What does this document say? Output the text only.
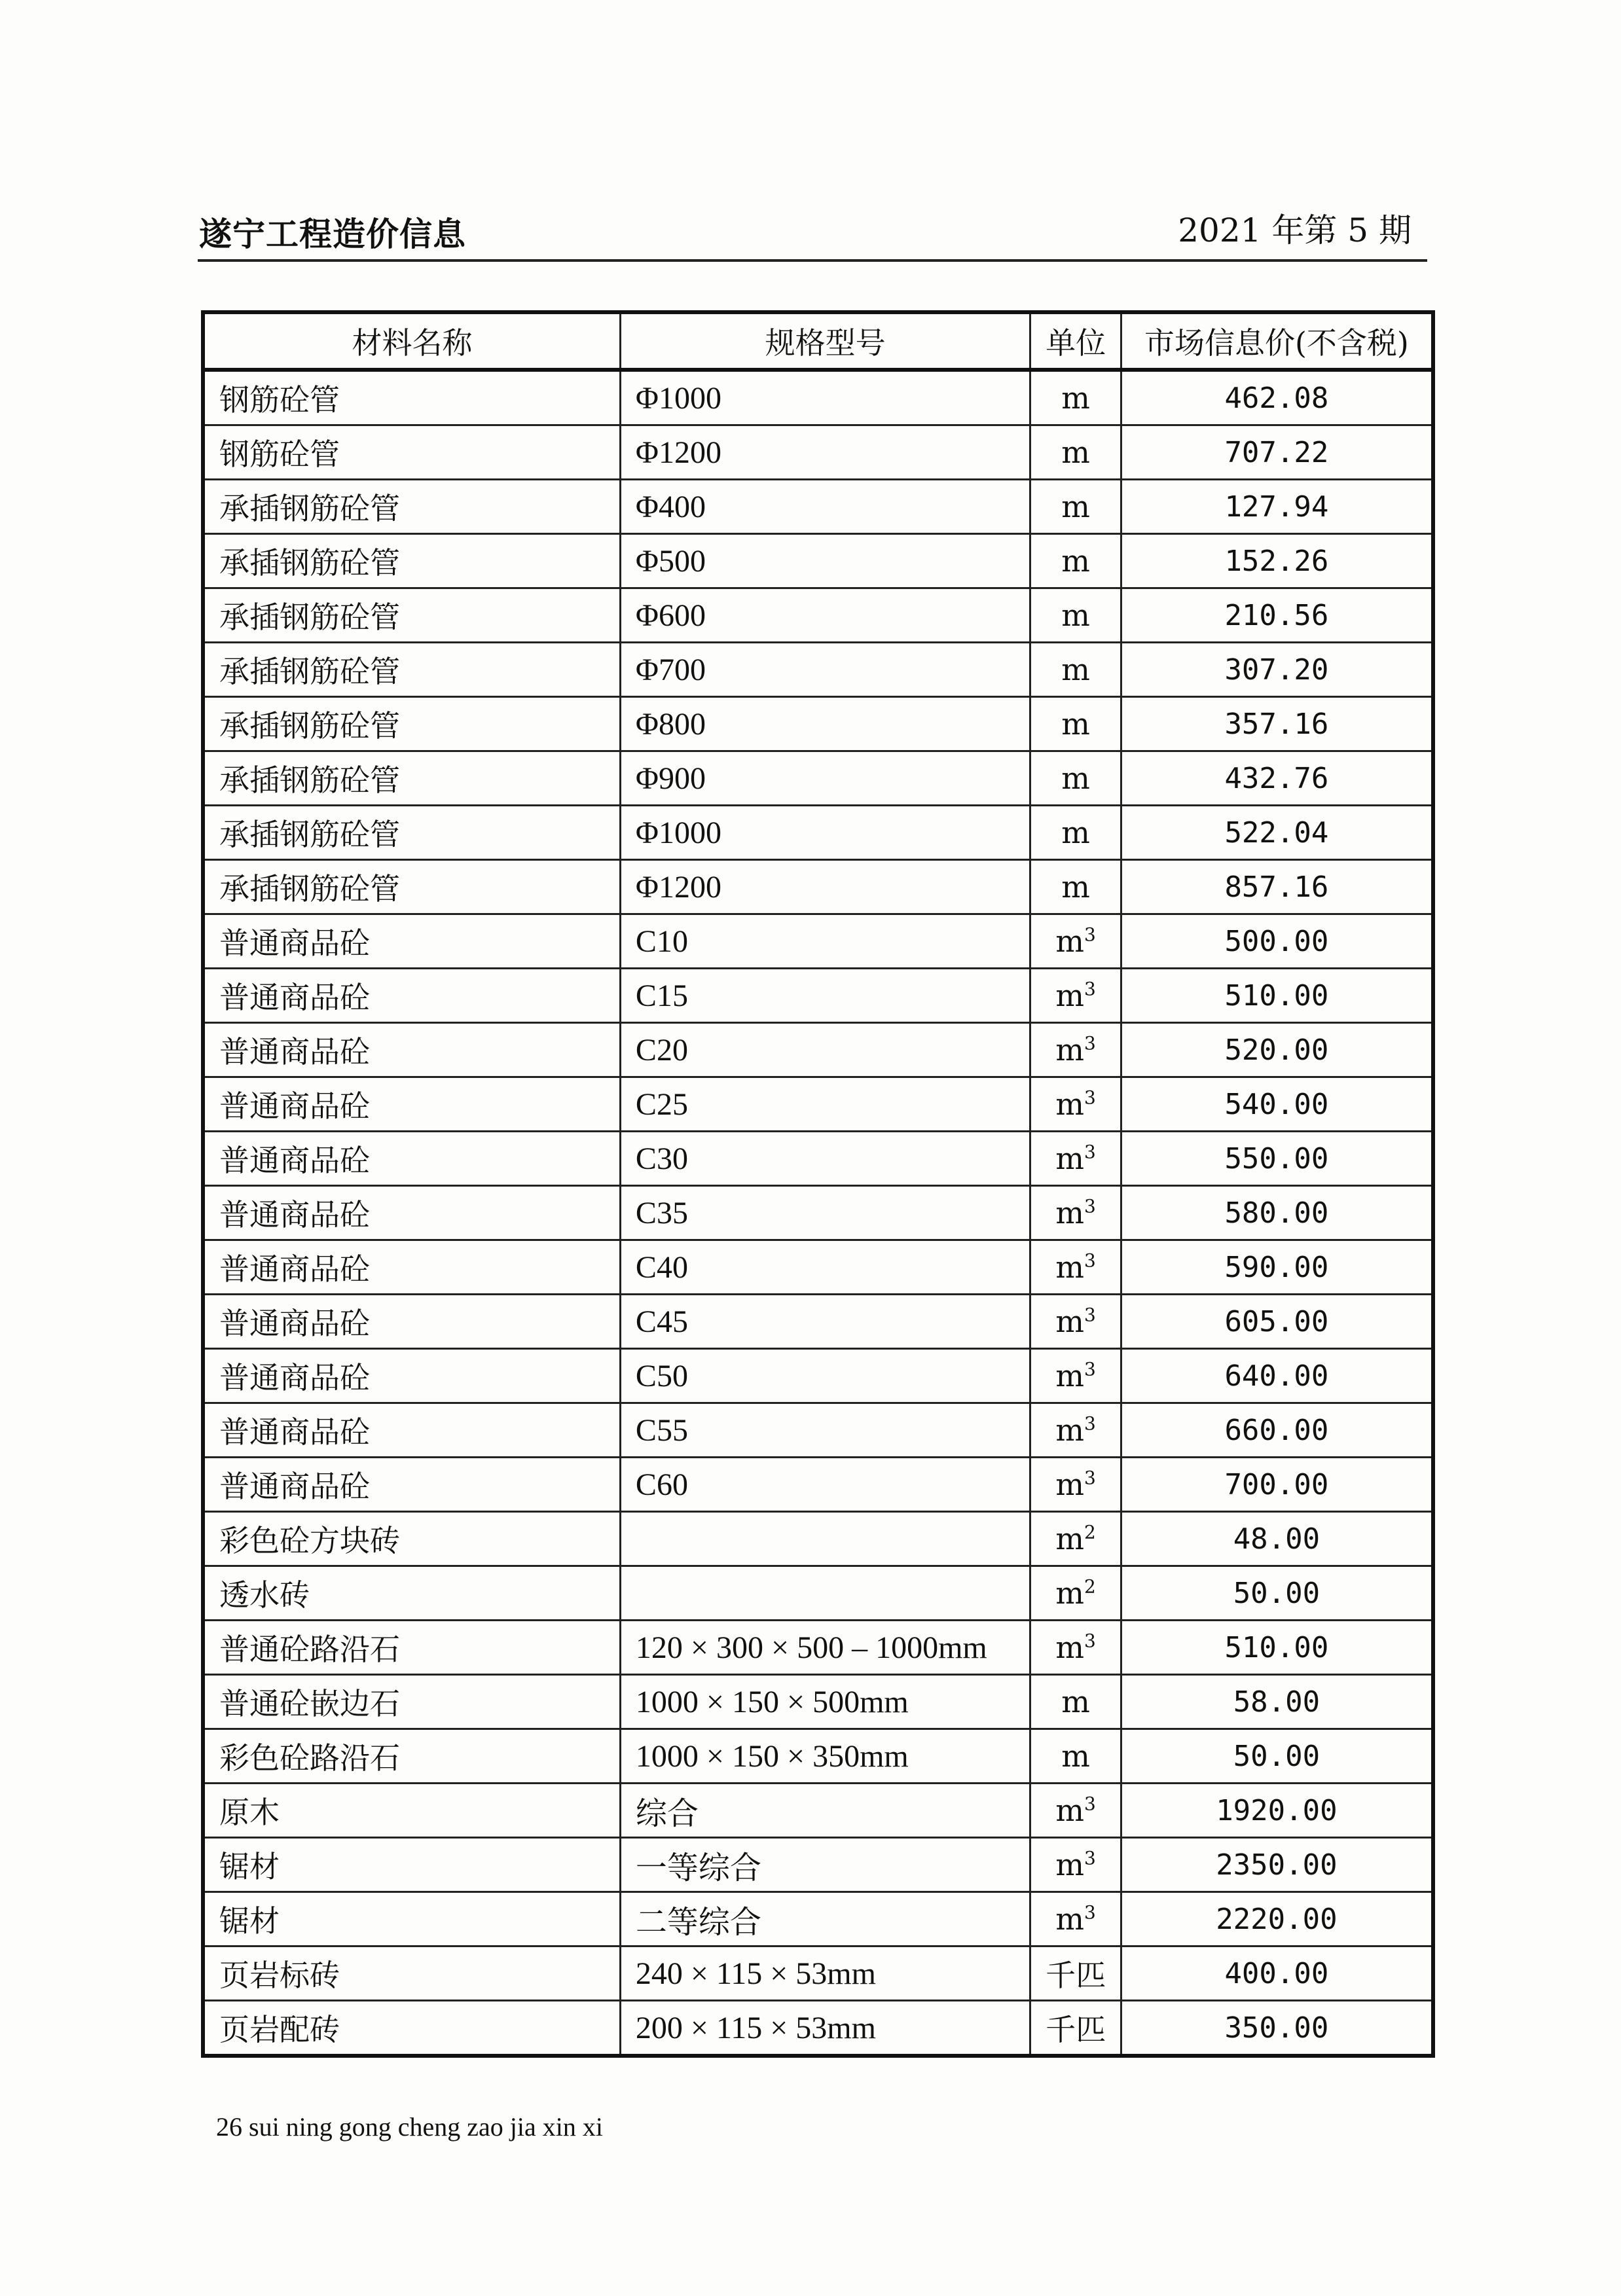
遂宁工程造价信息	2021 年第 5 期
材料名称	规格型号	单位	市场信息价(不含税)
钢筋砼管	Φ1000	m	462.08
钢筋砼管	Φ1200	m	707.22
承插钢筋砼管	Φ400	m	127.94
承插钢筋砼管	Φ500	m	152.26
承插钢筋砼管	Φ600	m	210.56
承插钢筋砼管	Φ700	m	307.20
承插钢筋砼管	Φ800	m	357.16
承插钢筋砼管	Φ900	m	432.76
承插钢筋砼管	Φ1000	m	522.04
承插钢筋砼管	Φ1200	m	857.16
普通商品砼	C10	$m^3$	500.00
普通商品砼	C15	$m^3$	510.00
普通商品砼	C20	$m^3$	520.00
普通商品砼	C25	$m^3$	540.00
普通商品砼	C30	$m^3$	550.00
普通商品砼	C35	$m^3$	580.00
普通商品砼	C40	$m^3$	590.00
普通商品砼	C45	$m^3$	605.00
普通商品砼	C50	$m^3$	640.00
普通商品砼	C55	$m^3$	660.00
普通商品砼	C60	$m^3$	700.00
彩色砼方块砖		$m^2$	48.00
透水砖		$m^2$	50.00
普通砼路沿石	120 × 300 × 500 – 1000mm	$m^3$	510.00
普通砼嵌边石	1000 × 150 × 500mm	m	58.00
彩色砼路沿石	1000 × 150 × 350mm	m	50.00
原木	综合	$m^3$	1920.00
锯材	一等综合	$m^3$	2350.00
锯材	二等综合	$m^3$	2220.00
页岩标砖	240 × 115 × 53mm	千匹	400.00
页岩配砖	200 × 115 × 53mm	千匹	350.00
26 sui ning gong cheng zao jia xin xi
